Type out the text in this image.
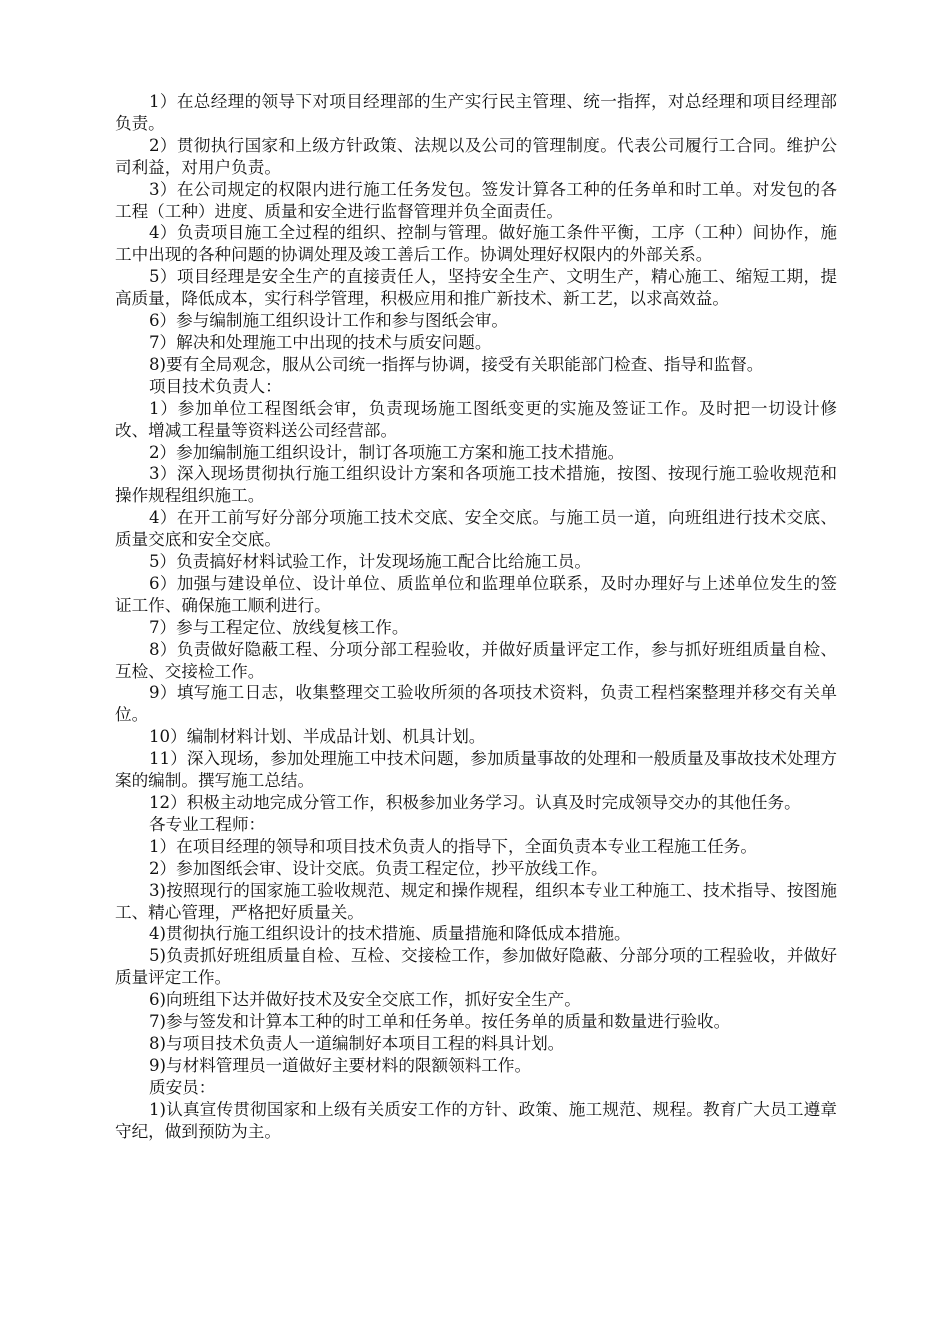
1）在总经理的领导下对项目经理部的生产实行民主管理、统一指挥，对总经理和项目经理部负责。

2）贯彻执行国家和上级方针政策、法规以及公司的管理制度。代表公司履行工合同。维护公司利益，对用户负责。

3）在公司规定的权限内进行施工任务发包。签发计算各工种的任务单和时工单。对发包的各工程（工种）进度、质量和安全进行监督管理并负全面责任。

4）负责项目施工全过程的组织、控制与管理。做好施工条件平衡，工序（工种）间协作，施工中出现的各种问题的协调处理及竣工善后工作。协调处理好权限内的外部关系。

5）项目经理是安全生产的直接责任人，坚持安全生产、文明生产，精心施工、缩短工期，提高质量，降低成本，实行科学管理，积极应用和推广新技术、新工艺，以求高效益。

6）参与编制施工组织设计工作和参与图纸会审。

7）解决和处理施工中出现的技术与质安问题。

8)要有全局观念，服从公司统一指挥与协调，接受有关职能部门检查、指导和监督。

项目技术负责人：

1）参加单位工程图纸会审，负责现场施工图纸变更的实施及签证工作。及时把一切设计修改、增减工程量等资料送公司经营部。

2）参加编制施工组织设计，制订各项施工方案和施工技术措施。

3）深入现场贯彻执行施工组织设计方案和各项施工技术措施，按图、按现行施工验收规范和操作规程组织施工。

4）在开工前写好分部分项施工技术交底、安全交底。与施工员一道，向班组进行技术交底、质量交底和安全交底。

5）负责搞好材料试验工作，计发现场施工配合比给施工员。

6）加强与建设单位、设计单位、质监单位和监理单位联系，及时办理好与上述单位发生的签证工作、确保施工顺利进行。

7）参与工程定位、放线复核工作。

8）负责做好隐蔽工程、分项分部工程验收，并做好质量评定工作，参与抓好班组质量自检、互检、交接检工作。

9）填写施工日志，收集整理交工验收所须的各项技术资料，负责工程档案整理并移交有关单位。

10）编制材料计划、半成品计划、机具计划。

11）深入现场，参加处理施工中技术问题，参加质量事故的处理和一般质量及事故技术处理方案的编制。撰写施工总结。

12）积极主动地完成分管工作，积极参加业务学习。认真及时完成领导交办的其他任务。

各专业工程师：

1）在项目经理的领导和项目技术负责人的指导下，全面负责本专业工程施工任务。

2）参加图纸会审、设计交底。负责工程定位，抄平放线工作。

3)按照现行的国家施工验收规范、规定和操作规程，组织本专业工种施工、技术指导、按图施工、精心管理，严格把好质量关。

4)贯彻执行施工组织设计的技术措施、质量措施和降低成本措施。

5)负责抓好班组质量自检、互检、交接检工作，参加做好隐蔽、分部分项的工程验收，并做好质量评定工作。

6)向班组下达并做好技术及安全交底工作，抓好安全生产。

7)参与签发和计算本工种的时工单和任务单。按任务单的质量和数量进行验收。

8)与项目技术负责人一道编制好本项目工程的料具计划。

9)与材料管理员一道做好主要材料的限额领料工作。

质安员：

1)认真宣传贯彻国家和上级有关质安工作的方针、政策、施工规范、规程。教育广大员工遵章守纪，做到预防为主。
